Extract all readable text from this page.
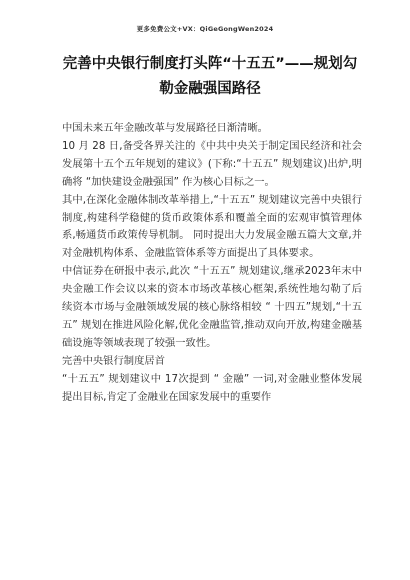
更多免费公文+VX：QiGeGongWen2024
完善中央银行制度打头阵“十五五”——规划勾勒金融强国路径

中国未来五年金融改革与发展路径日渐清晰。

10 月 28 日,备受各界关注的《中共中央关于制定国民经济和社会发展第十五个五年规划的建议》(下称:“十五五” 规划建议)出炉,明确将 “加快建设金融强国” 作为核心目标之一。

其中,在深化金融体制改革举措上,“十五五” 规划建议完善中央银行制度,构建科学稳健的货币政策体系和覆盖全面的宏观审慎管理体系,畅通货币政策传导机制。 同时提出大力发展金融五篇大文章,并对金融机构体系、金融监管体系等方面提出了具体要求。

中信证券在研报中表示,此次 “十五五” 规划建议,继承2023年末中央金融工作会议以来的资本市场改革核心框架,系统性地勾勒了后续资本市场与金融领域发展的核心脉络相较 “ 十四五”规划,“十五五” 规划在推进风险化解,优化金融监管,推动双向开放,构建金融基础设施等领域表现了较强一致性。

完善中央银行制度居首

“十五五” 规划建议中 17次提到 “ 金融” 一词,对金融业整体发展提出目标,肯定了金融业在国家发展中的重要作
